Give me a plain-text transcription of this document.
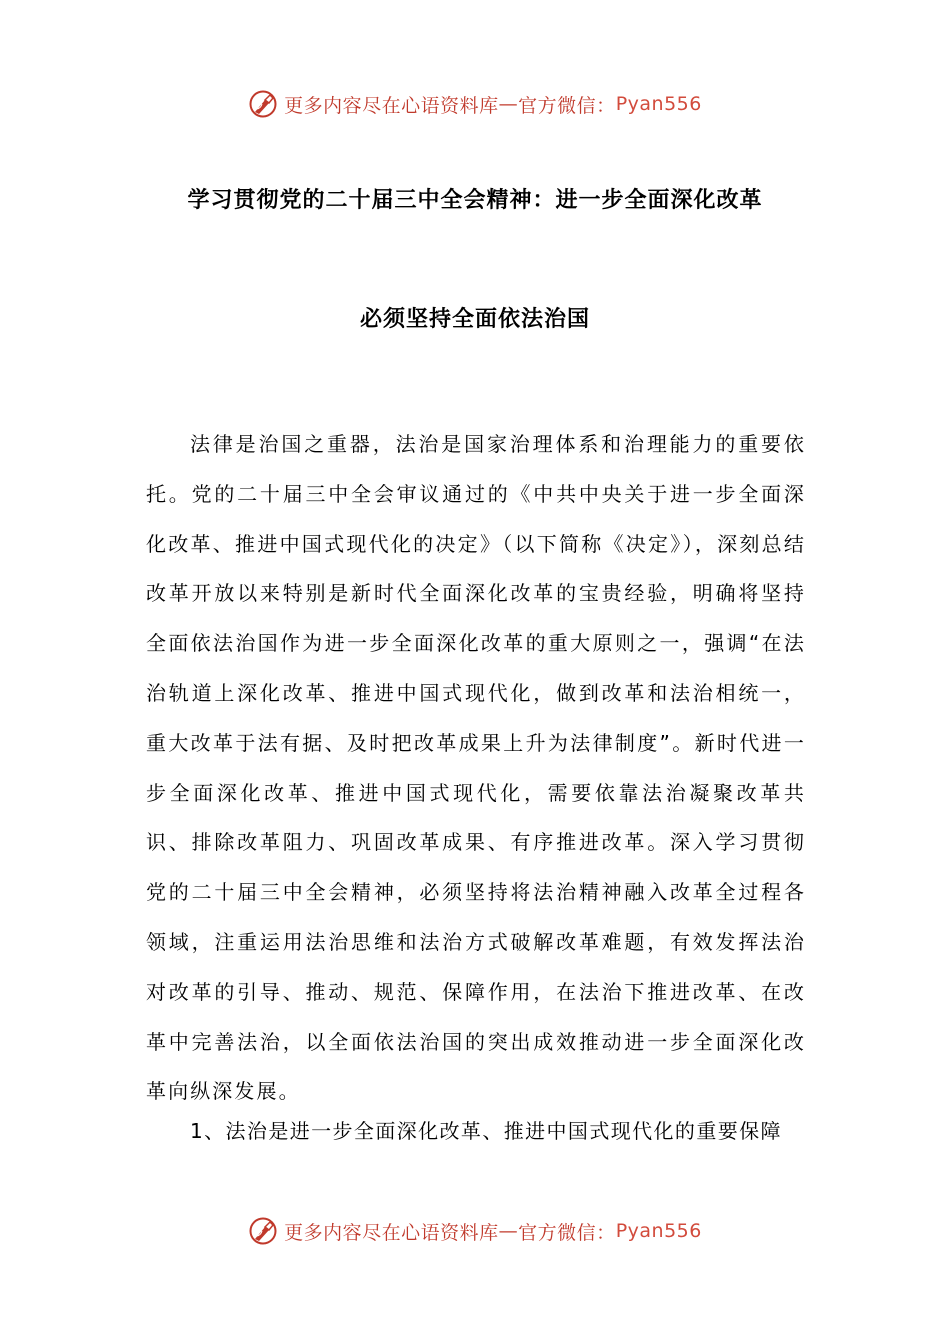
更多内容尽在心语资料库 — 官方微信： Pyan556
学习贯彻党的二十届三中全会精神：进一步全面深化改革
必须坚持全面依法治国

法律是治国之重器，法治是国家治理体系和治理能力的重要依托。党的二十届三中全会审议通过的《中共中央关于进一步全面深化改革、推进中国式现代化的决定》（以下简称《决定》），深刻总结改革开放以来特别是新时代全面深化改革的宝贵经验，明确将坚持全面依法治国作为进一步全面深化改革的重大原则之一，强调“在法治轨道上深化改革、推进中国式现代化，做到改革和法治相统一，重大改革于法有据、及时把改革成果上升为法律制度”。新时代进一步全面深化改革、推进中国式现代化，需要依靠法治凝聚改革共识、排除改革阻力、巩固改革成果、有序推进改革。深入学习贯彻党的二十届三中全会精神，必须坚持将法治精神融入改革全过程各领域，注重运用法治思维和法治方式破解改革难题，有效发挥法治对改革的引导、推动、规范、保障作用，在法治下推进改革、在改革中完善法治，以全面依法治国的突出成效推动进一步全面深化改革向纵深发展。

1、法治是进一步全面深化改革、推进中国式现代化的重要保障

更多内容尽在心语资料库 — 官方微信： Pyan556
